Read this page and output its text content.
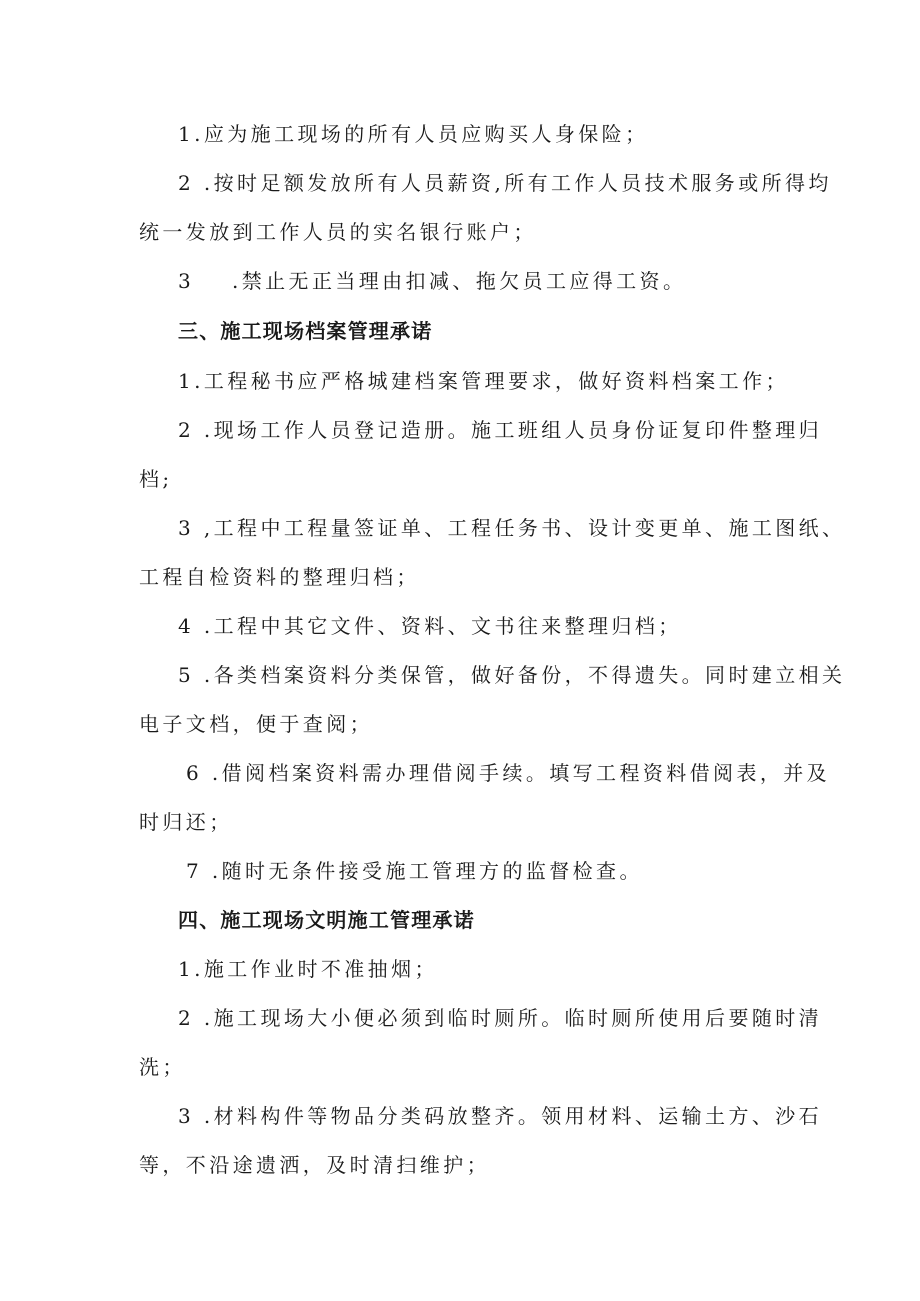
1.应为施工现场的所有人员应购买人身保险；
2 .按时足额发放所有人员薪资,所有工作人员技术服务或所得均
统一发放到工作人员的实名银行账户；
3 .禁止无正当理由扣减、拖欠员工应得工资。
三、施工现场档案管理承诺
1.工程秘书应严格城建档案管理要求，做好资料档案工作；
2 .现场工作人员登记造册。施工班组人员身份证复印件整理归
档;
3 ,工程中工程量签证单、工程任务书、设计变更单、施工图纸、
工程自检资料的整理归档；
4 .工程中其它文件、资料、文书往来整理归档；
5 .各类档案资料分类保管，做好备份，不得遗失。同时建立相关
电子文档，便于查阅；
6 .借阅档案资料需办理借阅手续。填写工程资料借阅表，并及
时归还；
7 .随时无条件接受施工管理方的监督检查。
四、施工现场文明施工管理承诺
1.施工作业时不准抽烟；
2 .施工现场大小便必须到临时厕所。临时厕所使用后要随时清
洗；
3 .材料构件等物品分类码放整齐。领用材料、运输土方、沙石
等，不沿途遗洒，及时清扫维护；
